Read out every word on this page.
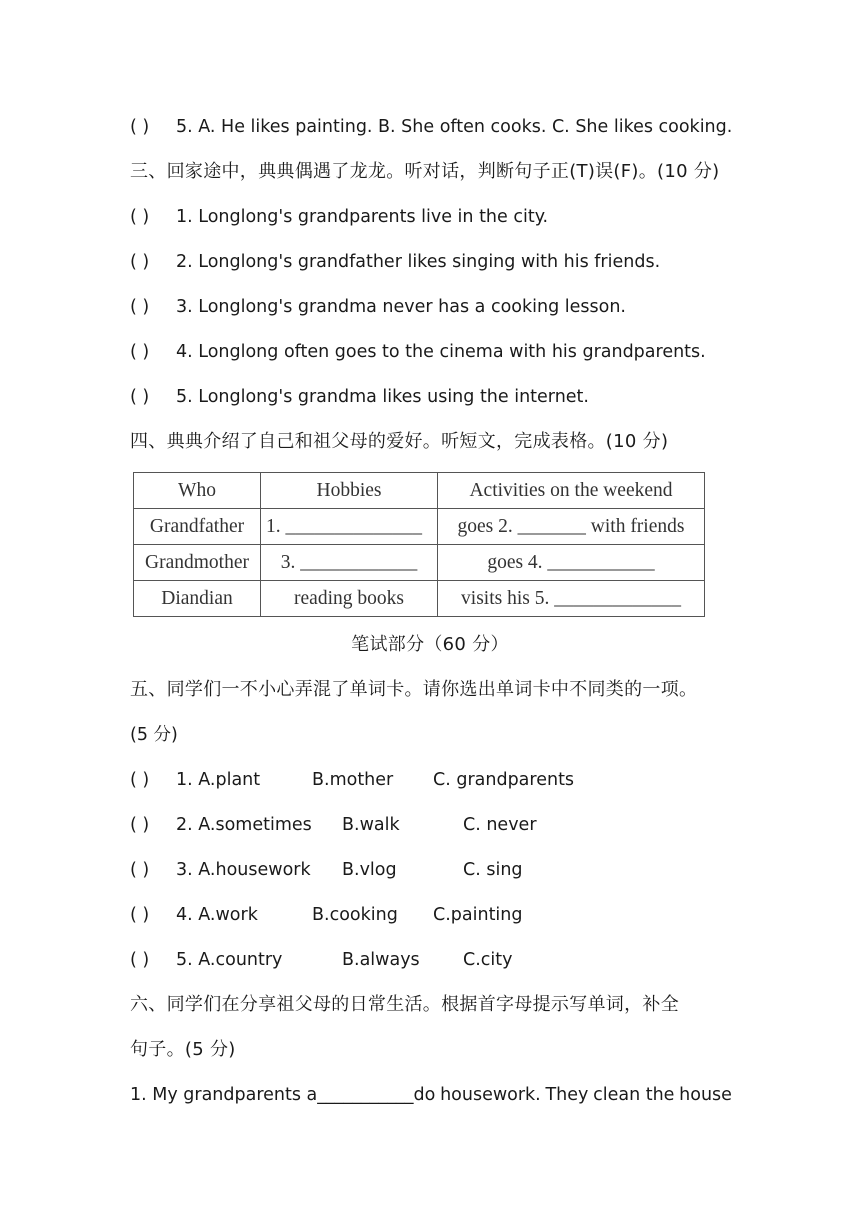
( )	5. A. He likes painting. B. She often cooks. C. She likes cooking.
三、回家途中，典典偶遇了龙龙。听对话，判断句子正(T)误(F)。(10 分)
( )	1. Longlong's grandparents live in the city.
( )	2. Longlong's grandfather likes singing with his friends.
( )	3. Longlong's grandma never has a cooking lesson.
( )	4. Longlong often goes to the cinema with his grandparents.
( )	5. Longlong's grandma likes using the internet.
四、典典介绍了自己和祖父母的爱好。听短文，完成表格。(10 分)
Who	Hobbies	Activities on the weekend
Grandfather	1. ______________	goes 2. _______ with friends
Grandmother	3. ____________	goes 4. ___________
Diandian	reading books	visits his 5. _____________
笔试部分（60 分）
五、同学们一不小心弄混了单词卡。请你选出单词卡中不同类的一项。
(5 分)
( )	1. A.plant	B.mother	C. grandparents
( )	2. A.sometimes	B.walk	C. never
( )	3. A.housework	B.vlog	C. sing
( )	4. A.work	B.cooking	C.painting
( )	5. A.country	B.always	C.city
六、同学们在分享祖父母的日常生活。根据首字母提示写单词，补全
句子。(5 分)
1. My grandparents a___________do housework. They clean the house
